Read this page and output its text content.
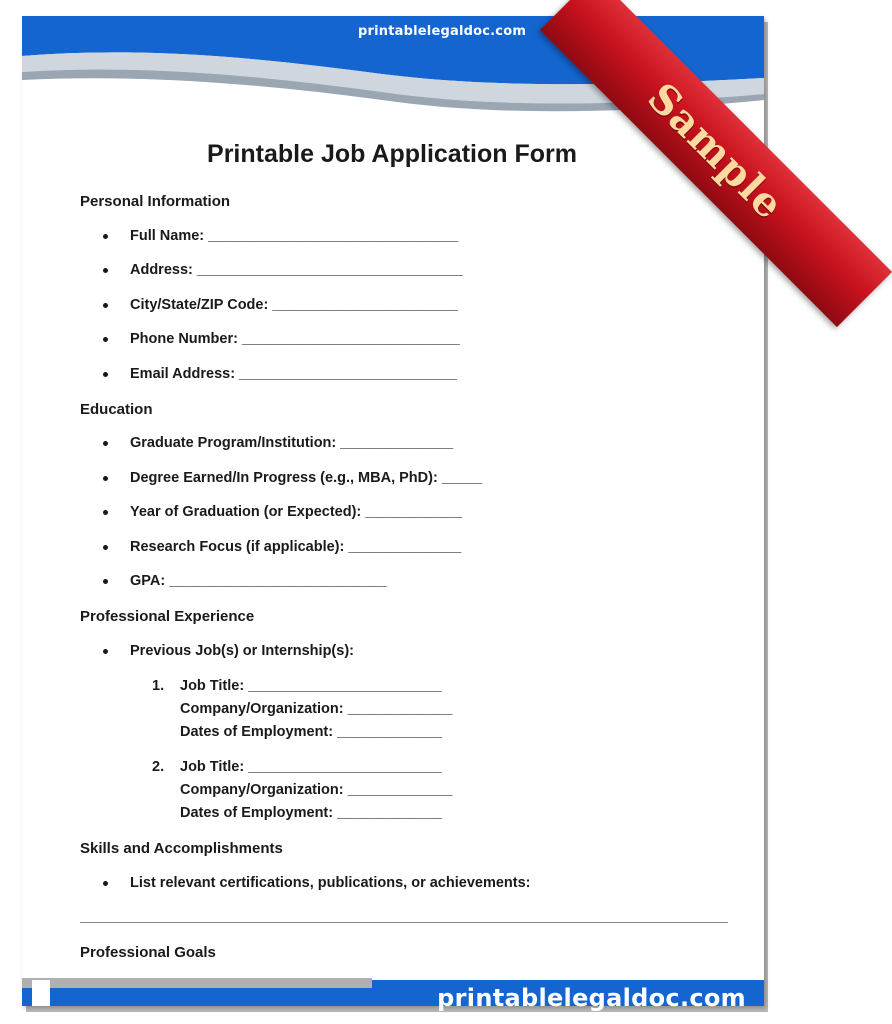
printablelegaldoc.com
Sample
Printable Job Application Form
Personal Information
Full Name: _______________________________
Address: _________________________________
City/State/ZIP Code: _______________________
Phone Number: ___________________________
Email Address: ___________________________
Education
Graduate Program/Institution: ______________
Degree Earned/In Progress (e.g., MBA, PhD): _____
Year of Graduation (or Expected): ____________
Research Focus (if applicable): ______________
GPA: ___________________________
Professional Experience
Previous Job(s) or Internship(s):
1. Job Title: ________________________
Company/Organization: _____________
Dates of Employment: _____________
2. Job Title: ________________________
Company/Organization: _____________
Dates of Employment: _____________
Skills and Accomplishments
List relevant certifications, publications, or achievements:
Professional Goals
printablelegaldoc.com
